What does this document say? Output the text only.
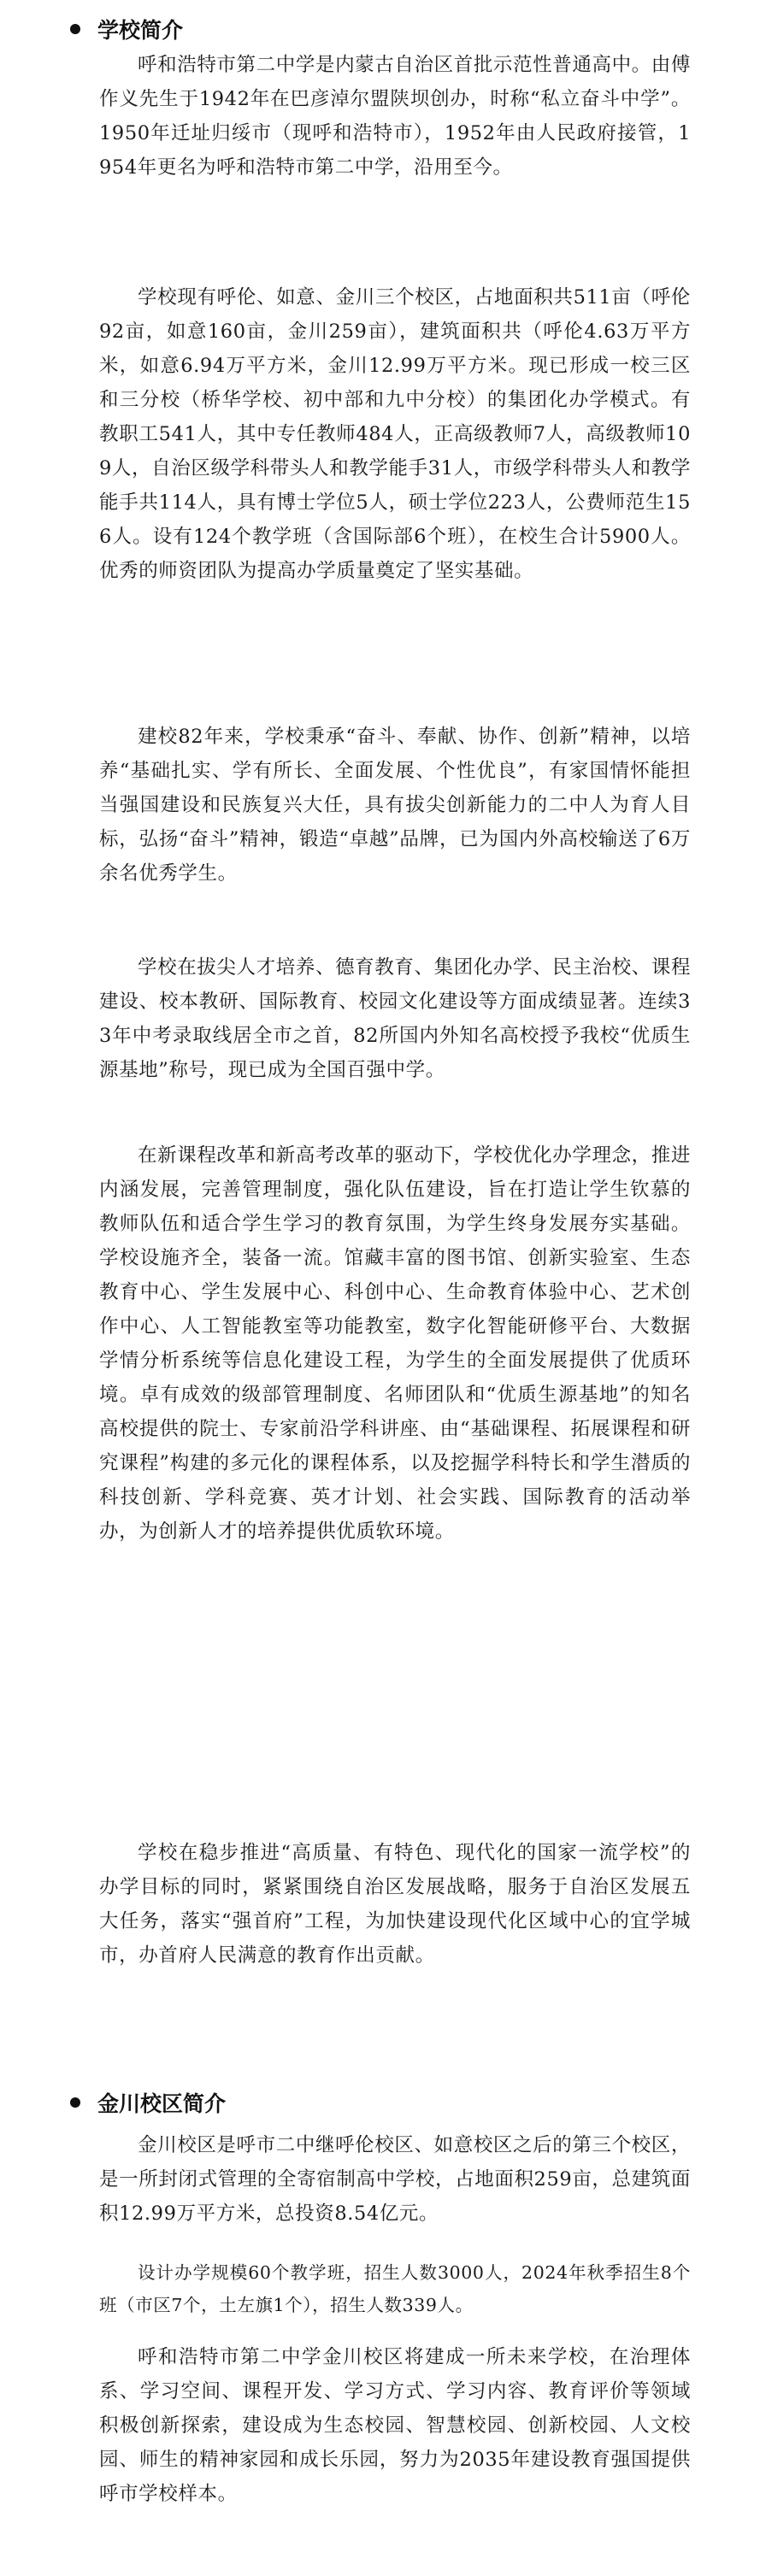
学校简介

呼和浩特市第二中学是内蒙古自治区首批示范性普通高中。由傅作义先生于1942年在巴彦淖尔盟陕坝创办，时称“私立奋斗中学”。1950年迁址归绥市（现呼和浩特市），1952年由人民政府接管，1954年更名为呼和浩特市第二中学，沿用至今。

学校现有呼伦、如意、金川三个校区，占地面积共511亩（呼伦92亩，如意160亩，金川259亩），建筑面积共（呼伦4.63万平方米，如意6.94万平方米，金川12.99万平方米。现已形成一校三区和三分校（桥华学校、初中部和九中分校）的集团化办学模式。有教职工541人，其中专任教师484人，正高级教师7人，高级教师109人，自治区级学科带头人和教学能手31人，市级学科带头人和教学能手共114人，具有博士学位5人，硕士学位223人，公费师范生156人。设有124个教学班（含国际部6个班），在校生合计5900人。优秀的师资团队为提高办学质量奠定了坚实基础。

建校82年来，学校秉承“奋斗、奉献、协作、创新”精神，以培养“基础扎实、学有所长、全面发展、个性优良”，有家国情怀能担当强国建设和民族复兴大任，具有拔尖创新能力的二中人为育人目标，弘扬“奋斗”精神，锻造“卓越”品牌，已为国内外高校输送了6万余名优秀学生。

学校在拔尖人才培养、德育教育、集团化办学、民主治校、课程建设、校本教研、国际教育、校园文化建设等方面成绩显著。连续33年中考录取线居全市之首，82所国内外知名高校授予我校“优质生源基地”称号，现已成为全国百强中学。

在新课程改革和新高考改革的驱动下，学校优化办学理念，推进内涵发展，完善管理制度，强化队伍建设，旨在打造让学生钦慕的教师队伍和适合学生学习的教育氛围，为学生终身发展夯实基础。学校设施齐全，装备一流。馆藏丰富的图书馆、创新实验室、生态教育中心、学生发展中心、科创中心、生命教育体验中心、艺术创作中心、人工智能教室等功能教室，数字化智能研修平台、大数据学情分析系统等信息化建设工程，为学生的全面发展提供了优质环境。卓有成效的级部管理制度、名师团队和“优质生源基地”的知名高校提供的院士、专家前沿学科讲座、由“基础课程、拓展课程和研究课程”构建的多元化的课程体系，以及挖掘学科特长和学生潜质的科技创新、学科竞赛、英才计划、社会实践、国际教育的活动举办，为创新人才的培养提供优质软环境。

学校在稳步推进“高质量、有特色、现代化的国家一流学校”的办学目标的同时，紧紧围绕自治区发展战略，服务于自治区发展五大任务，落实“强首府”工程，为加快建设现代化区域中心的宜学城市，办首府人民满意的教育作出贡献。

金川校区简介

金川校区是呼市二中继呼伦校区、如意校区之后的第三个校区，是一所封闭式管理的全寄宿制高中学校，占地面积259亩，总建筑面积12.99万平方米，总投资8.54亿元。

设计办学规模60个教学班，招生人数3000人，2024年秋季招生8个班（市区7个，土左旗1个），招生人数339人。

呼和浩特市第二中学金川校区将建成一所未来学校，在治理体系、学习空间、课程开发、学习方式、学习内容、教育评价等领域积极创新探索，建设成为生态校园、智慧校园、创新校园、人文校园、师生的精神家园和成长乐园，努力为2035年建设教育强国提供呼市学校样本。
